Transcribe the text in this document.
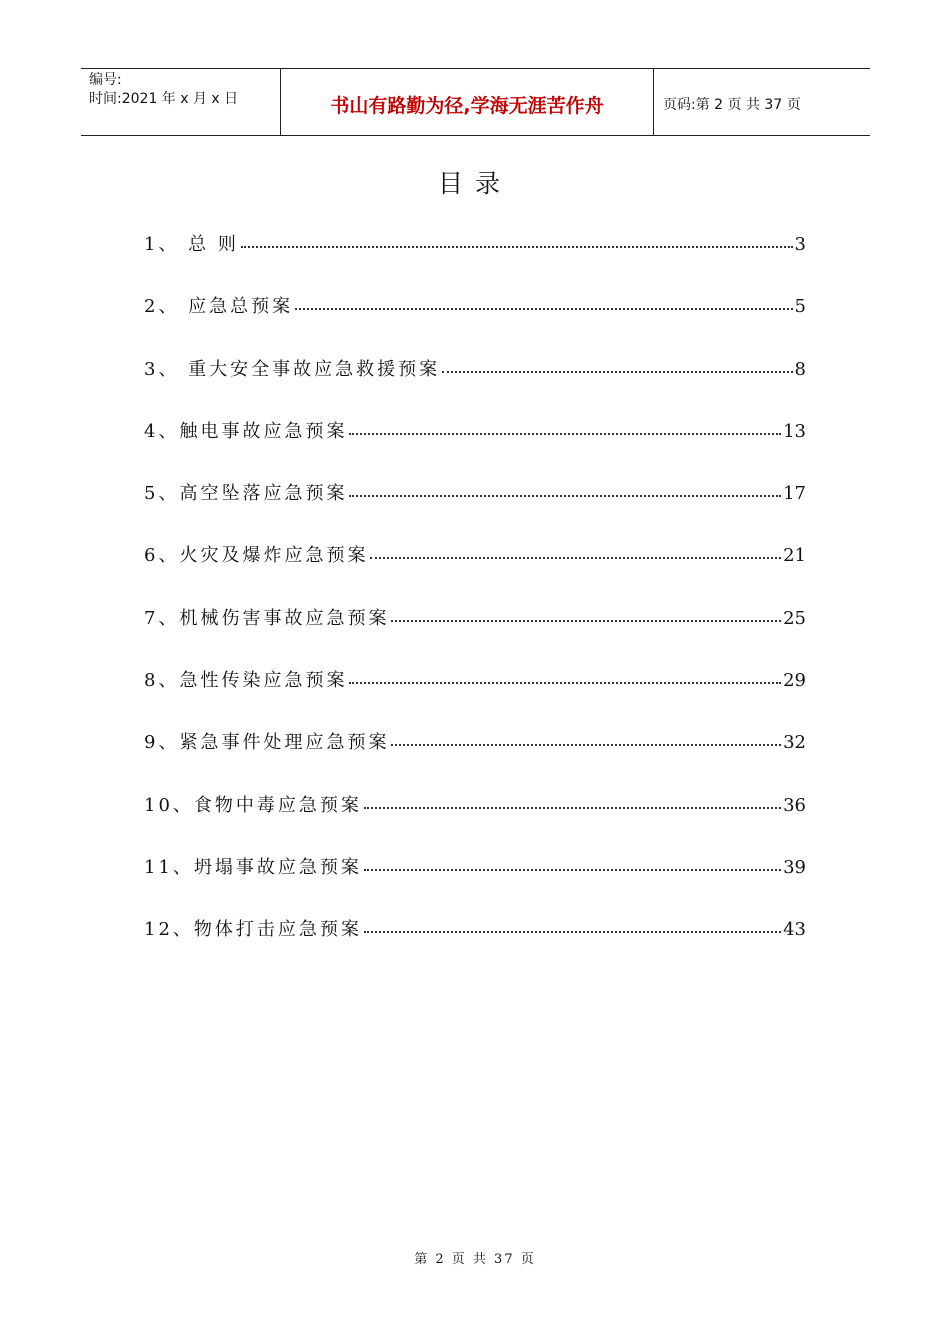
编号:
时间:2021 年 x 月 x 日	书山有路勤为径,学海无涯苦作舟	页码:第 2 页 共 37 页
目录
1、 总 则	3
2、 应急总预案	5
3、 重大安全事故应急救援预案	8
4、触电事故应急预案	13
5、高空坠落应急预案	17
6、火灾及爆炸应急预案	21
7、机械伤害事故应急预案	25
8、急性传染应急预案	29
9、紧急事件处理应急预案	32
10、食物中毒应急预案	36
11、坍塌事故应急预案	39
12、物体打击应急预案	43
第 2 页 共 37 页
